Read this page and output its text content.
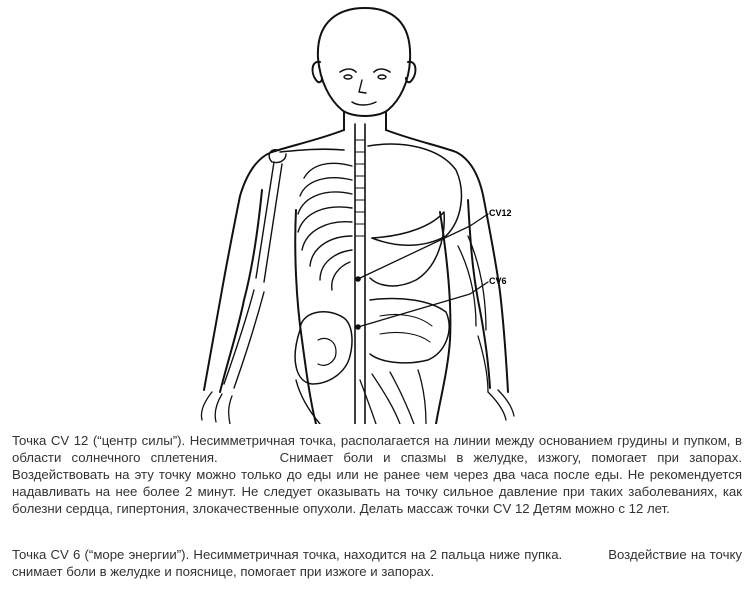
CV12
CV6

Точка CV 12 (“центр силы”). Несимметричная точка, располагается на линии между основанием грудины и пупком, в области солнечного сплетения.	Снимает боли и спазмы в желудке, изжогу, помогает при запорах. Воздействовать на эту точку можно только до еды или не ранее чем через два часа после еды. Не рекомендуется надавливать на нее более 2 минут. Не следует оказывать на точку сильное давление при таких заболеваниях, как болезни сердца, гипертония, злокачественные опухоли. Делать массаж точки CV 12 Детям можно с 12 лет.

Точка CV 6 (“море энергии”). Несимметричная точка, находится на 2 пальца ниже пупка.	Воздействие на точку снимает боли в желудке и пояснице, помогает при изжоге и запорах.
